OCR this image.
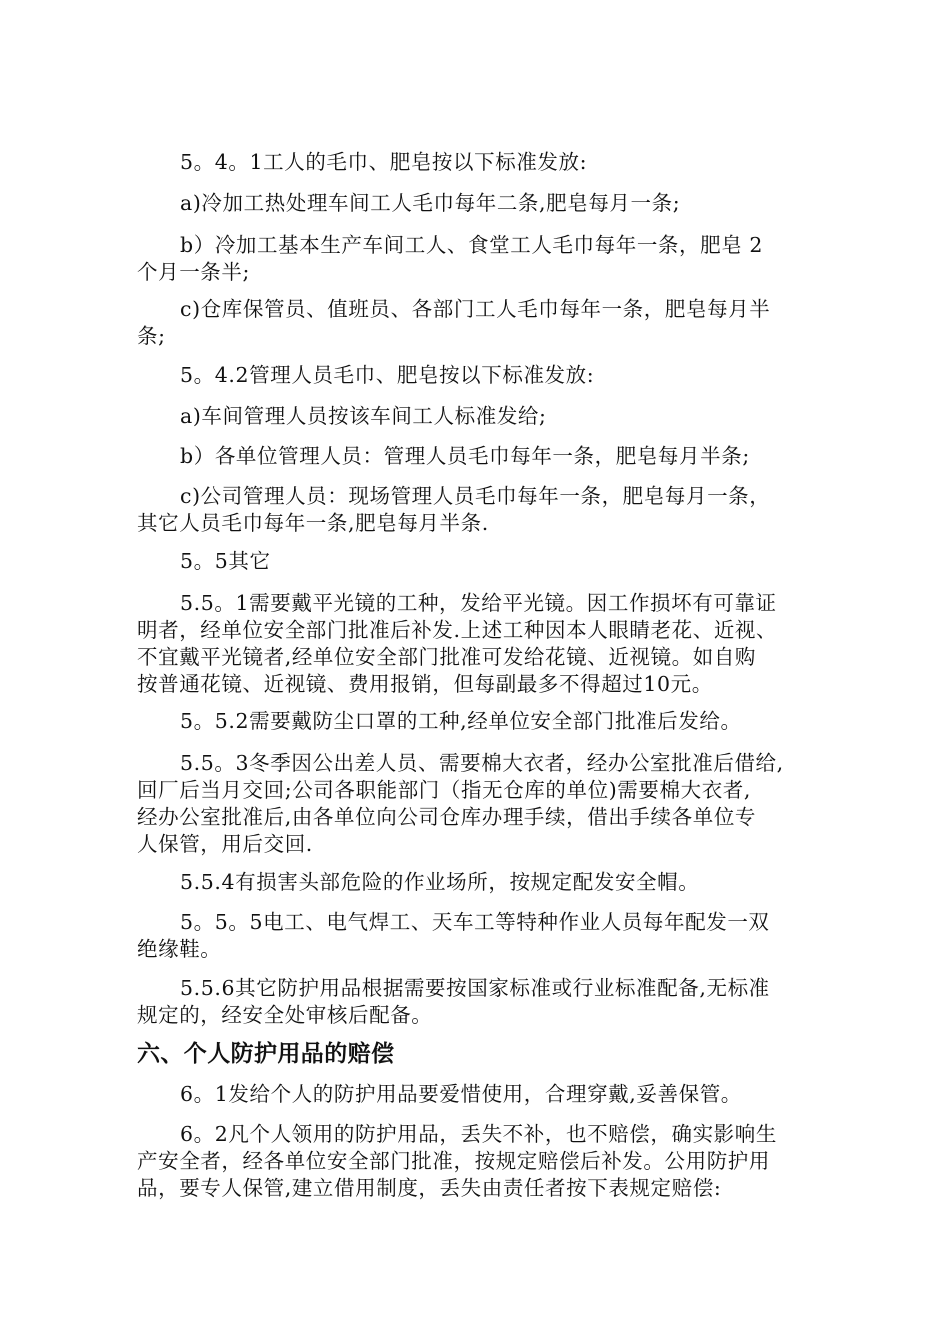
5。4。1工人的毛巾、肥皂按以下标准发放:

a)冷加工热处理车间工人毛巾每年二条,肥皂每月一条;

b）冷加工基本生产车间工人、食堂工人毛巾每年一条，肥皂 2
个月一条半;

c)仓库保管员、值班员、各部门工人毛巾每年一条，肥皂每月半
条;

5。4.2管理人员毛巾、肥皂按以下标准发放:

a)车间管理人员按该车间工人标准发给;

b）各单位管理人员：管理人员毛巾每年一条，肥皂每月半条;

c)公司管理人员：现场管理人员毛巾每年一条，肥皂每月一条，
其它人员毛巾每年一条,肥皂每月半条.

5。5其它

5.5。1需要戴平光镜的工种，发给平光镜。因工作损坏有可靠证
明者，经单位安全部门批准后补发.上述工种因本人眼睛老花、近视、
不宜戴平光镜者,经单位安全部门批准可发给花镜、近视镜。如自购
按普通花镜、近视镜、费用报销，但每副最多不得超过10元。

5。5.2需要戴防尘口罩的工种,经单位安全部门批准后发给。

5.5。3冬季因公出差人员、需要棉大衣者，经办公室批准后借给,
回厂后当月交回;公司各职能部门（指无仓库的单位)需要棉大衣者,
经办公室批准后,由各单位向公司仓库办理手续，借出手续各单位专
人保管，用后交回.

5.5.4有损害头部危险的作业场所，按规定配发安全帽。

5。5。5电工、电气焊工、天车工等特种作业人员每年配发一双
绝缘鞋。

5.5.6其它防护用品根据需要按国家标准或行业标准配备,无标准
规定的，经安全处审核后配备。

六、个人防护用品的赔偿

6。1发给个人的防护用品要爱惜使用，合理穿戴,妥善保管。

6。2凡个人领用的防护用品，丢失不补，也不赔偿，确实影响生
产安全者，经各单位安全部门批准，按规定赔偿后补发。公用防护用
品，要专人保管,建立借用制度，丢失由责任者按下表规定赔偿:
